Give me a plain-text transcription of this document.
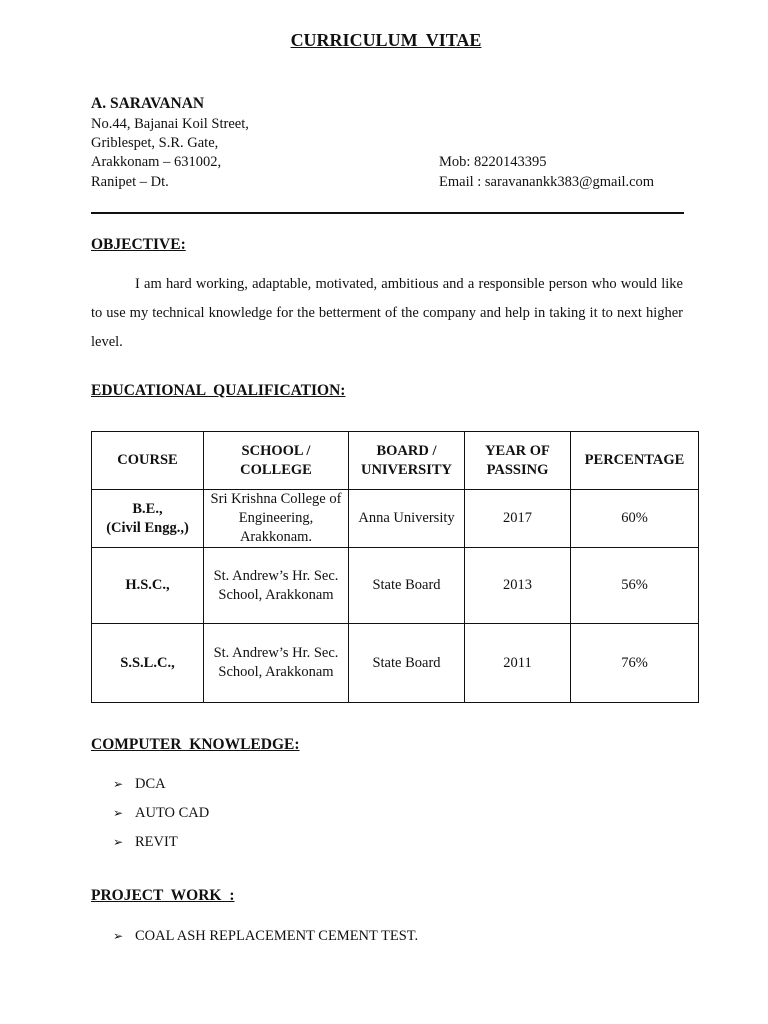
CURRICULUM VITAE
A. SARAVANAN
No.44, Bajanai Koil Street,
Griblespet, S.R. Gate,
Arakkonam – 631002,
Ranipet – Dt.
Mob: 8220143395
Email : saravanankk383@gmail.com
OBJECTIVE:

I am hard working, adaptable, motivated, ambitious and a responsible person who would like to use my technical knowledge for the betterment of the company and help in taking it to next higher level.

EDUCATIONAL QUALIFICATION:
COURSE	SCHOOL / COLLEGE	BOARD / UNIVERSITY	YEAR OF PASSING	PERCENTAGE

B.E.,
(Civil Engg.,)	Sri Krishna College of Engineering, Arakkonam.	Anna University	2017	60%
H.S.C.,	St. Andrew’s Hr. Sec. School, Arakkonam	State Board	2013	56%
S.S.L.C.,	St. Andrew’s Hr. Sec. School, Arakkonam	State Board	2011	76%
COMPUTER KNOWLEDGE:
➢ DCA
➢ AUTO CAD
➢ REVIT
PROJECT WORK :
➢ COAL ASH REPLACEMENT CEMENT TEST.
